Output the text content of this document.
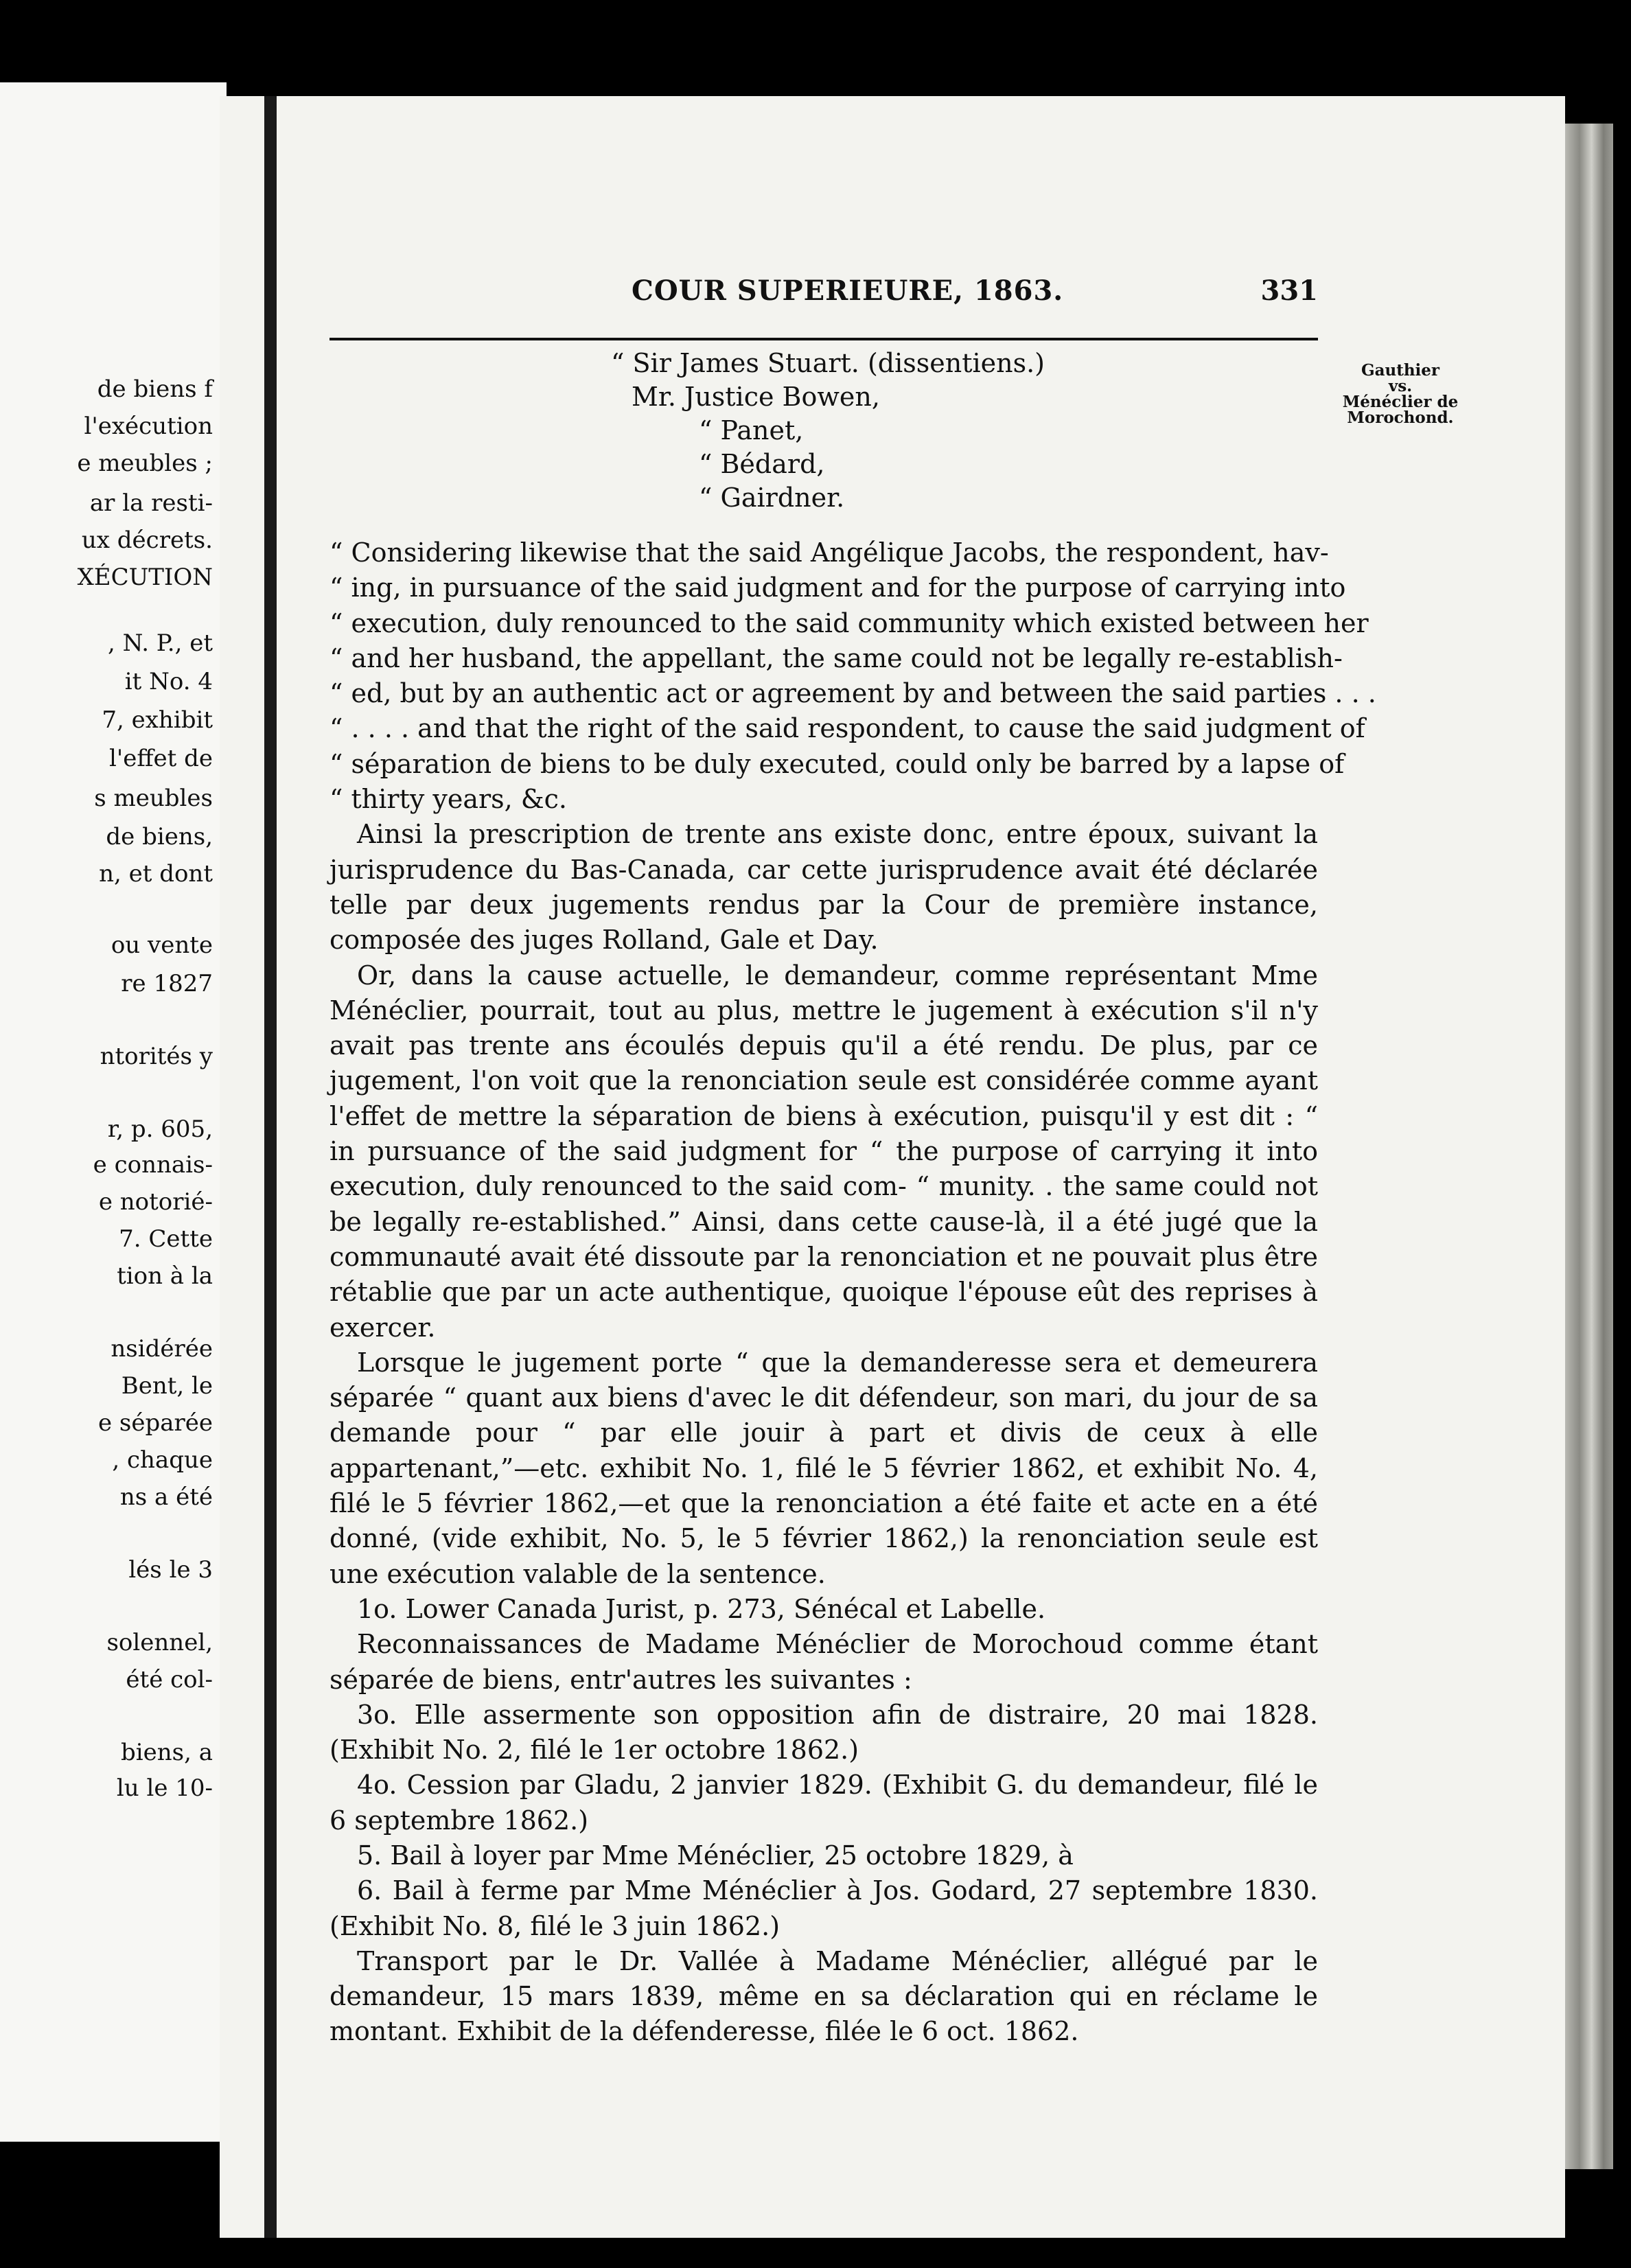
de biens f
l'exécution
e meubles ;
ar la resti-
ux décrets.
XÉCUTION
, N. P., et
it No. 4
7, exhibit
l'effet de
s meubles
de biens,
n, et dont
ou vente
re 1827
ntorités y
r, p. 605,
e connais-
e notorié-
7. Cette
tion à la
nsidérée
Bent, le
e séparée
, chaque
ns a été
lés le 3
solennel,
été col-
biens, a
lu le 10-
COUR SUPERIEURE, 1863.	331
Gauthier
vs.
Ménéclier de
Morochond.
“ Sir James Stuart. (dissentiens.)
Mr. Justice Bowen,
“ Panet,
“ Bédard,
“ Gairdner.
“ Considering likewise that the said Angélique Jacobs, the respondent, hav-
“ ing, in pursuance of the said judgment and for the purpose of carrying into
“ execution, duly renounced to the said community which existed between her
“ and her husband, the appellant, the same could not be legally re-establish-
“ ed, but by an authentic act or agreement by and between the said parties . . .
“ . . . . and that the right of the said respondent, to cause the said judgment of
“ séparation de biens to be duly executed, could only be barred by a lapse of
“ thirty years, &c.

Ainsi la prescription de trente ans existe donc, entre époux, suivant la jurisprudence du Bas-Canada, car cette jurisprudence avait été déclarée telle par deux jugements rendus par la Cour de première instance, composée des juges Rolland, Gale et Day.

Or, dans la cause actuelle, le demandeur, comme représentant Mme Ménéclier, pourrait, tout au plus, mettre le jugement à exécution s'il n'y avait pas trente ans écoulés depuis qu'il a été rendu. De plus, par ce jugement, l'on voit que la renonciation seule est considérée comme ayant l'effet de mettre la séparation de biens à exécution, puisqu'il y est dit : “ in pursuance of the said judgment for “ the purpose of carrying it into execution, duly renounced to the said com- “ munity. . the same could not be legally re-established.” Ainsi, dans cette cause-là, il a été jugé que la communauté avait été dissoute par la renonciation et ne pouvait plus être rétablie que par un acte authentique, quoique l'épouse eût des reprises à exercer.

Lorsque le jugement porte “ que la demanderesse sera et demeurera séparée “ quant aux biens d'avec le dit défendeur, son mari, du jour de sa demande pour “ par elle jouir à part et divis de ceux à elle appartenant,”—etc. exhibit No. 1, filé le 5 février 1862, et exhibit No. 4, filé le 5 février 1862,—et que la renonciation a été faite et acte en a été donné, (vide exhibit, No. 5, le 5 février 1862,) la renonciation seule est une exécution valable de la sentence.

1o. Lower Canada Jurist, p. 273, Sénécal et Labelle.

Reconnaissances de Madame Ménéclier de Morochoud comme étant séparée de biens, entr'autres les suivantes :

3o. Elle assermente son opposition afin de distraire, 20 mai 1828. (Exhibit No. 2, filé le 1er octobre 1862.)

4o. Cession par Gladu, 2 janvier 1829. (Exhibit G. du demandeur, filé le 6 septembre 1862.)

5. Bail à loyer par Mme Ménéclier, 25 octobre 1829, à

6. Bail à ferme par Mme Ménéclier à Jos. Godard, 27 septembre 1830. (Exhibit No. 8, filé le 3 juin 1862.)

Transport par le Dr. Vallée à Madame Ménéclier, allégué par le demandeur, 15 mars 1839, même en sa déclaration qui en réclame le montant. Exhibit de la défenderesse, filée le 6 oct. 1862.
